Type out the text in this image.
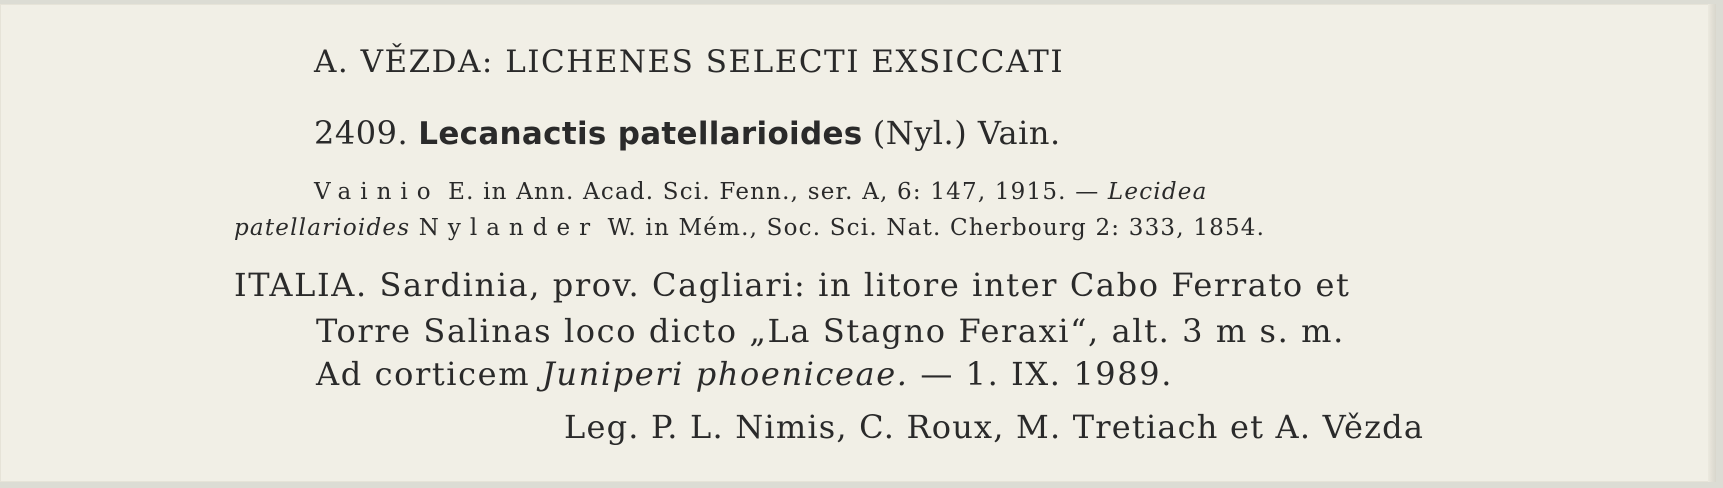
A. VĚZDA: LICHENES SELECTI EXSICCATI
2409. Lecanactis patellarioides (Nyl.) Vain.
Vainio E. in Ann. Acad. Sci. Fenn., ser. A, 6: 147, 1915. — Lecidea
patellarioides Nylander W. in Mém., Soc. Sci. Nat. Cherbourg 2: 333, 1854.
ITALIA. Sardinia, prov. Cagliari: in litore inter Cabo Ferrato et
Torre Salinas loco dicto „La Stagno Feraxi“, alt. 3 m s. m.
Ad corticem Juniperi phoeniceae. — 1. IX. 1989.
Leg. P. L. Nimis, C. Roux, M. Tretiach et A. Vězda
